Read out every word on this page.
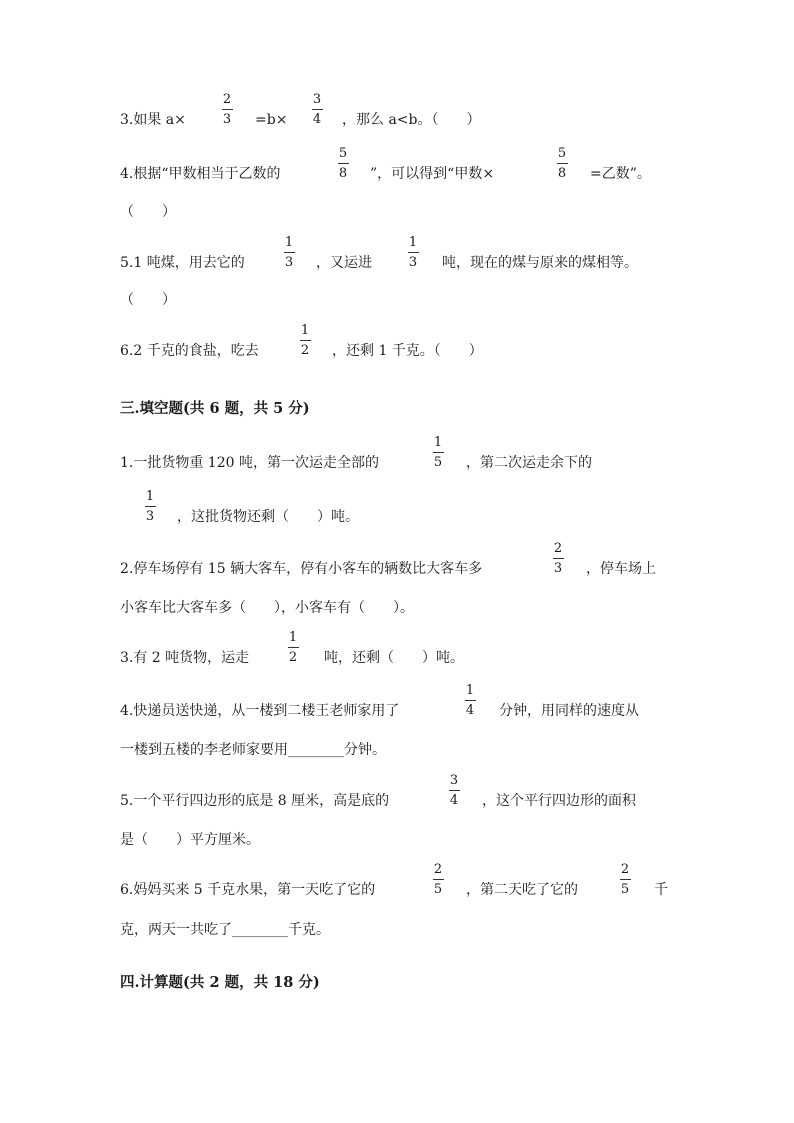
3.如果 a×
2
3 =b×
3
4 ，那么 a<b。（　　）
4.根据“甲数相当于乙数的
5
8 ”，可以得到“甲数×
5
8 =乙数”。
（　　）
5.1 吨煤，用去它的
1
3 ，又运进
1
3 吨，现在的煤与原来的煤相等。
（　　）
6.2 千克的食盐，吃去
1
2 ，还剩 1 千克。（　　）
三.填空题(共 6 题，共 5 分)
1.一批货物重 120 吨，第一次运走全部的
1
5 ，第二次运走余下的
1
3 ，这批货物还剩（　　）吨。
2.停车场停有 15 辆大客车，停有小客车的辆数比大客车多
2
3 ，停车场上
小客车比大客车多（　　），小客车有（　　）。
3.有 2 吨货物，运走
1
2 吨，还剩（　　）吨。
4.快递员送快递，从一楼到二楼王老师家用了
1
4 分钟，用同样的速度从
一楼到五楼的李老师家要用________分钟。
5.一个平行四边形的底是 8 厘米，高是底的
3
4 ，这个平行四边形的面积
是（　　）平方厘米。
6.妈妈买来 5 千克水果，第一天吃了它的
2
5 ，第二天吃了它的
2
5 千
克，两天一共吃了________千克。
四.计算题(共 2 题，共 18 分)
